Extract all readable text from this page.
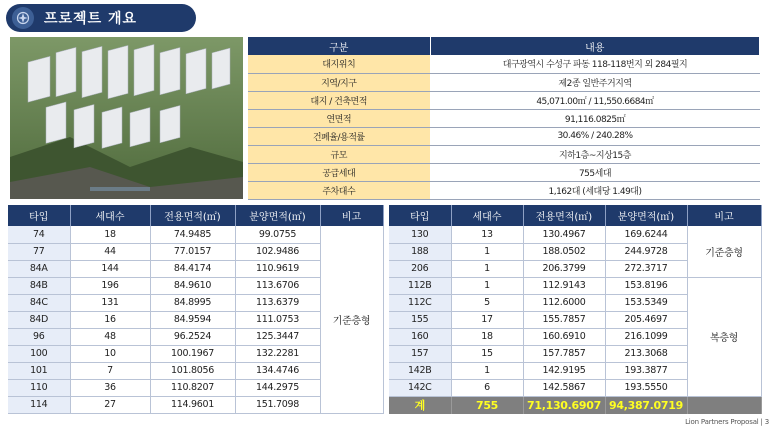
프로젝트 개요
구분	내용
대지위치	대구광역시 수성구 파동 118-118번지 외 284필지
지역/지구	제2종 일반주거지역
대지 / 건축면적	45,071.00㎡ / 11,550.6684㎡
연면적	91,116.0825㎡
건폐율/용적률	30.46% / 240.28%
규모	지하1층~지상15층
공급세대	755세대
주차대수	1,162대 (세대당 1.49대)
타입	세대수	전용면적(㎡)	분양면적(㎡)	비고
74	18	74.9485	99.0755	기준층형
77	44	77.0157	102.9486	
84A	144	84.4174	110.9619	
84B	196	84.9610	113.6706	
84C	131	84.8995	113.6379	
84D	16	84.9594	111.0753	
96	48	96.2524	125.3447	
100	10	100.1967	132.2281	
101	7	101.8056	134.4746	
110	36	110.8207	144.2975	
114	27	114.9601	151.7098	
타입	세대수	전용면적(㎡)	분양면적(㎡)	비고
130	13	130.4967	169.6244	기준층형
188	1	188.0502	244.9728	
206	1	206.3799	272.3717	
112B	1	112.9143	153.8196	복층형
112C	5	112.6000	153.5349	
155	17	155.7857	205.4697	
160	18	160.6910	216.1099	
157	15	157.7857	213.3068	
142B	1	142.9195	193.3877	
142C	6	142.5867	193.5550	
계	755	71,130.6907	94,387.0719	
Lion Partners Proposal | 3
